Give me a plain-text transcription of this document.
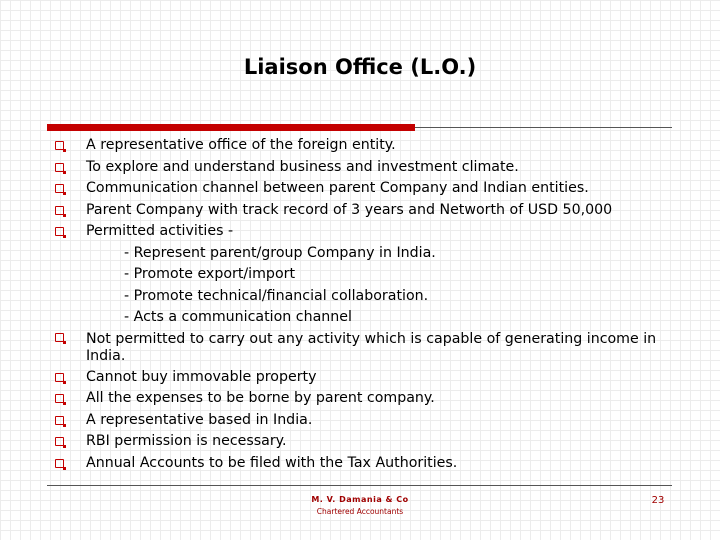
Liaison Office (L.O.)
A representative office of the foreign entity.
To explore and understand business and investment climate.
Communication channel between parent Company and Indian entities.
Parent Company with track record of 3 years and Networth of USD 50,000
Permitted activities -
- Represent parent/group Company in India.
- Promote export/import
- Promote technical/financial collaboration.
- Acts a communication channel
Not permitted to carry out any activity which is capable of generating income in India.
Cannot buy immovable property
All the expenses to be borne by parent company.
A representative based in India.
RBI permission is necessary.
Annual Accounts to be filed with the Tax Authorities.
M. V. Damania & Co
Chartered Accountants
23
